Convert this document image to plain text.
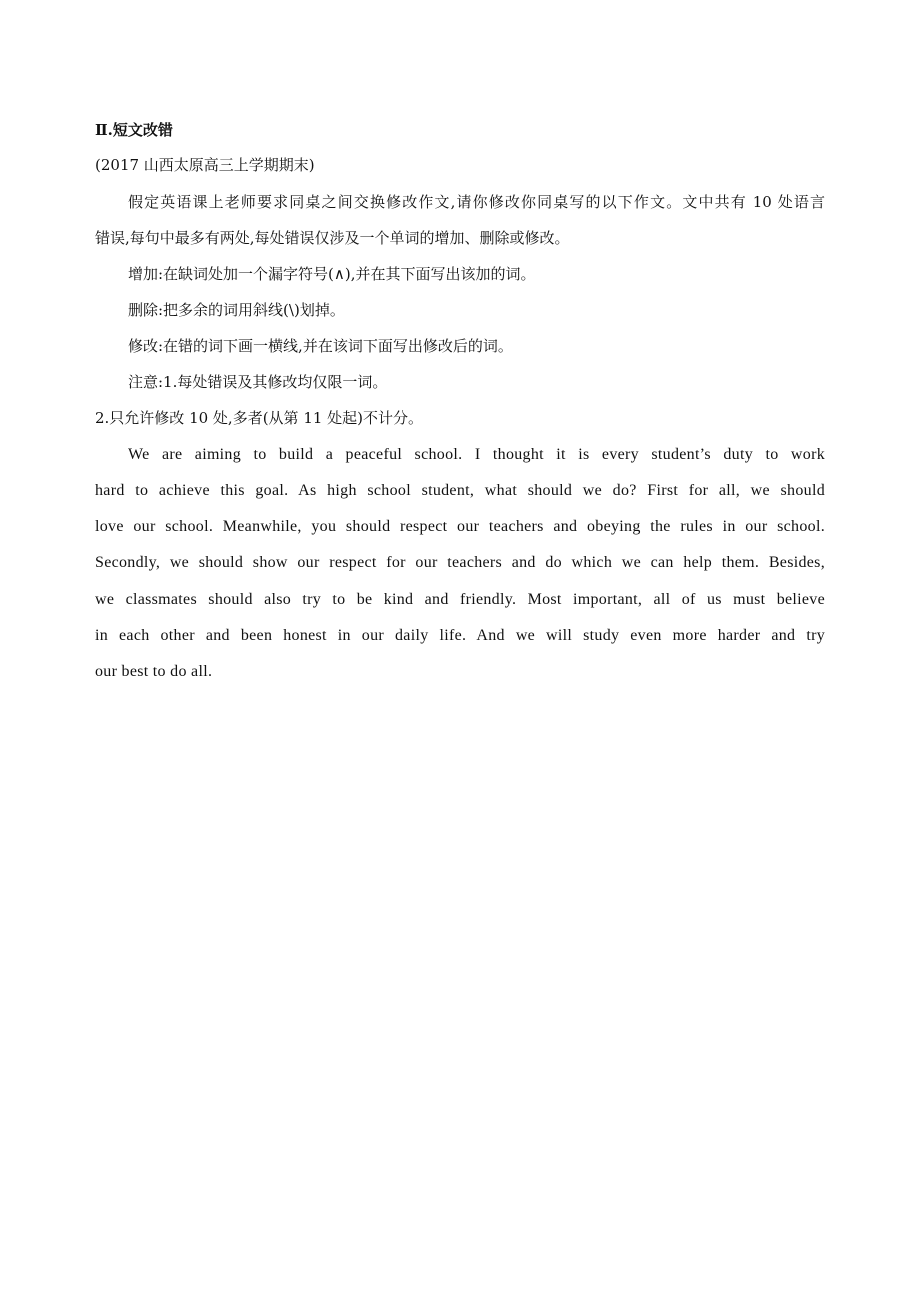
Ⅱ.短文改错
(2017 山西太原高三上学期期末)
假定英语课上老师要求同桌之间交换修改作文,请你修改你同桌写的以下作文。文中共有 10 处语言
错误,每句中最多有两处,每处错误仅涉及一个单词的增加、删除或修改。
增加:在缺词处加一个漏字符号(∧),并在其下面写出该加的词。
删除:把多余的词用斜线(\)划掉。
修改:在错的词下画一横线,并在该词下面写出修改后的词。
注意:1.每处错误及其修改均仅限一词。
2.只允许修改 10 处,多者(从第 11 处起)不计分。
We are aiming to build a peaceful school. I thought it is every student’s duty to work
hard to achieve this goal. As high school student, what should we do? First for all, we should
love our school. Meanwhile, you should respect our teachers and obeying the rules in our school.
Secondly, we should show our respect for our teachers and do which we can help them. Besides,
we classmates should also try to be kind and friendly. Most important, all of us must believe
in each other and been honest in our daily life. And we will study even more harder and try
our best to do all.
